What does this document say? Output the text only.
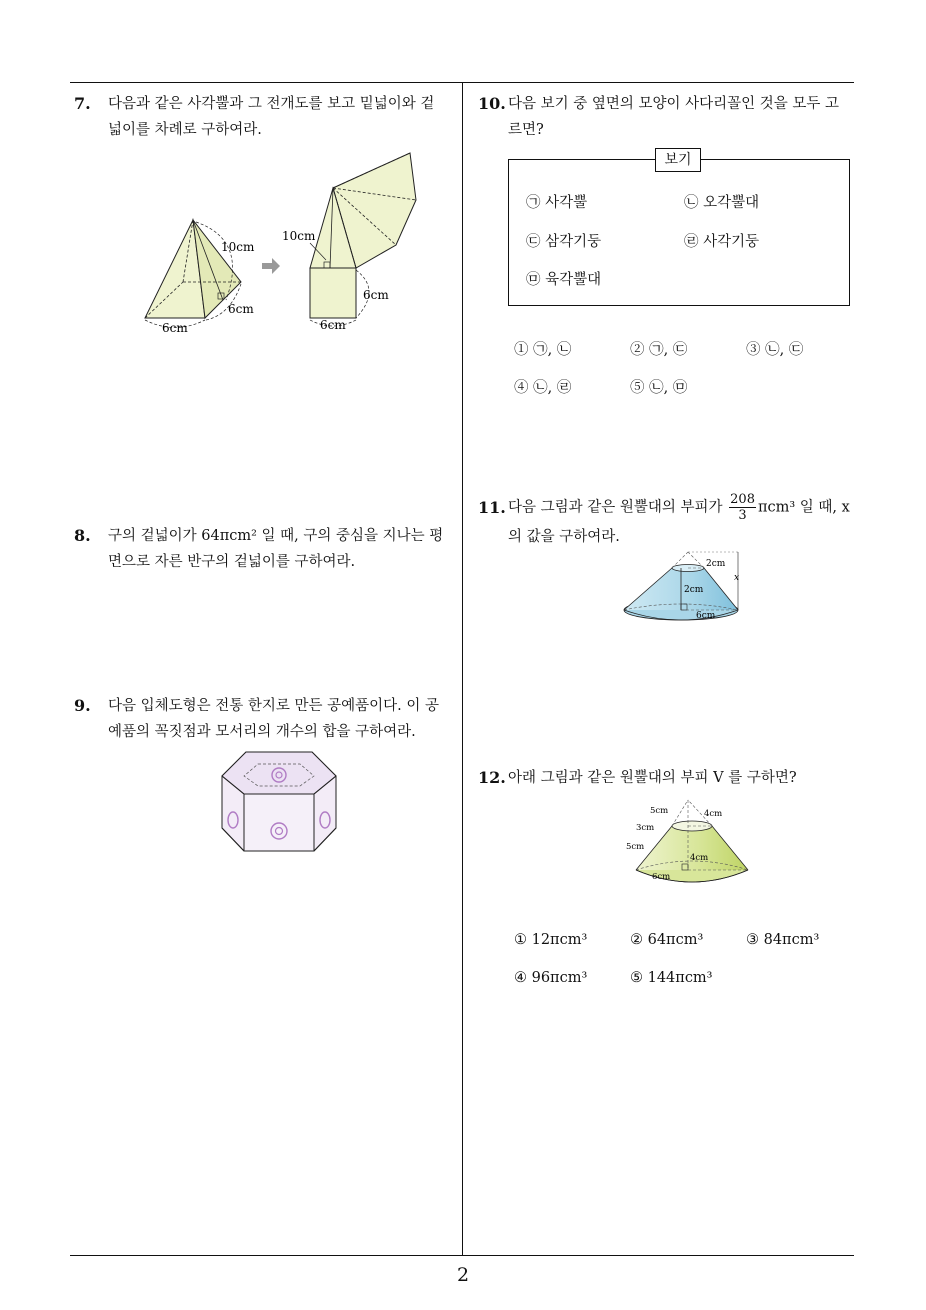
7. 다음과 같은 사각뿔과 그 전개도를 보고 밑넓이와 겉
넓이를 차례로 구하여라.
10cm
6cm
6cm
10cm
6cm
6cm
8. 구의 겉넓이가 64πcm² 일 때, 구의 중심을 지나는 평
면으로 자른 반구의 겉넓이를 구하여라.
9. 다음 입체도형은 전통 한지로 만든 공예품이다. 이 공
예품의 꼭짓점과 모서리의 개수의 합을 구하여라.
10. 다음 보기 중 옆면의 모양이 사다리꼴인 것을 모두 고
르면?
보기
㉠ 사각뿔	㉡ 오각뿔대
㉢ 삼각기둥	㉣ 사각기둥
㉤ 육각뿔대
① ㉠, ㉡	② ㉠, ㉢	③ ㉡, ㉢
④ ㉡, ㉣	⑤ ㉡, ㉤
11. 다음 그림과 같은 원뿔대의 부피가 $\frac{208}{3} \pi cm^3$ 일 때, x
의 값을 구하여라.
2cm
2cm
6cm
x
12. 아래 그림과 같은 원뿔대의 부피 V 를 구하면?
5cm	4cm
3cm
5cm
4cm
6cm
① 12πcm³	② 64πcm³	③ 84πcm³
④ 96πcm³	⑤ 144πcm³
2
